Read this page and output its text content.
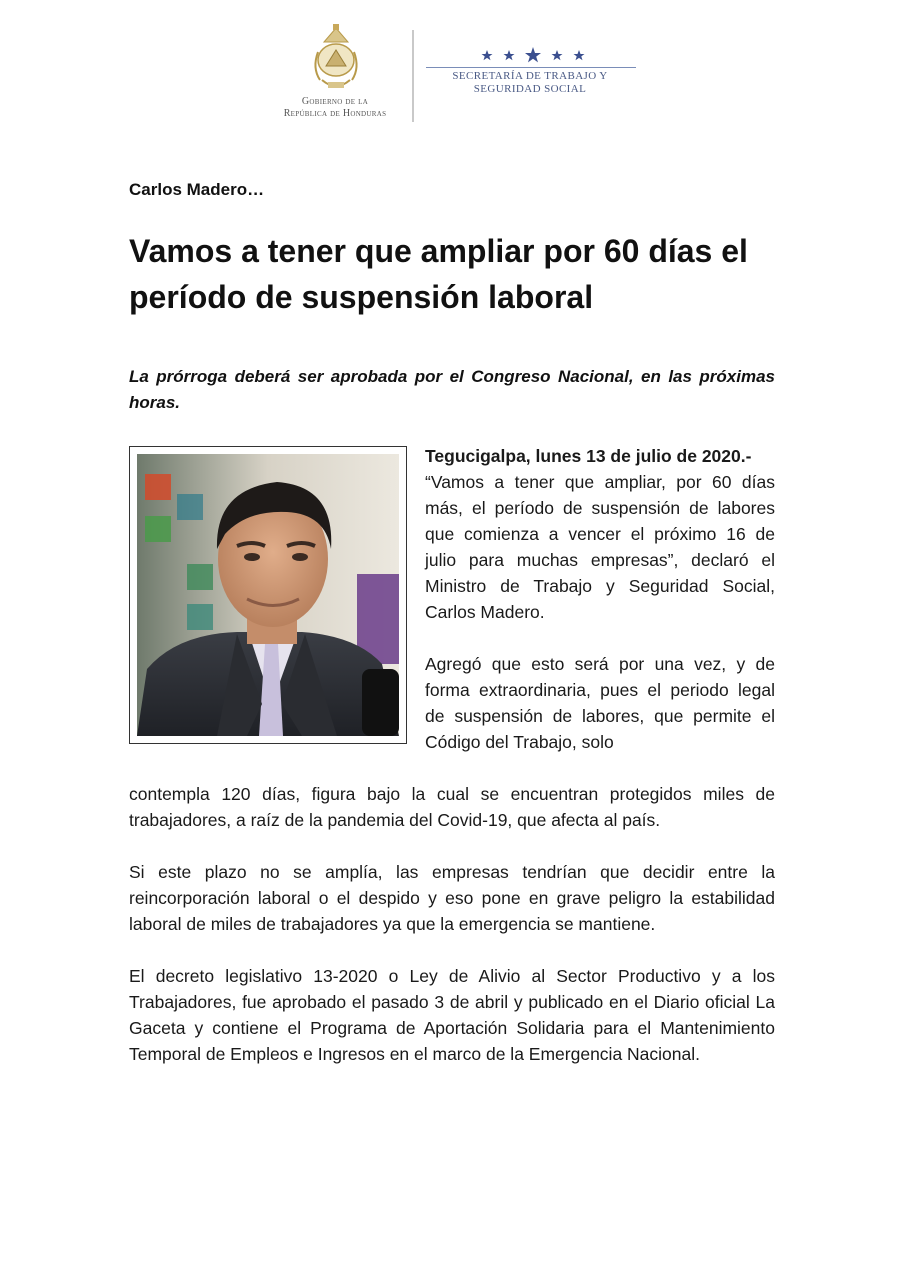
Gobierno de la
República de Honduras
SECRETARÍA DE TRABAJO Y
SEGURIDAD SOCIAL
Carlos Madero…
Vamos a tener que ampliar por 60 días el período de suspensión laboral

La prórroga deberá ser aprobada por el Congreso Nacional, en las próximas horas.

Tegucigalpa, lunes 13 de julio de 2020.-

“Vamos a tener que ampliar, por 60 días más, el período de suspensión de labores que comienza a vencer el próximo 16 de julio para muchas empresas”, declaró el Ministro de Trabajo y Seguridad Social, Carlos Madero.

Agregó que esto será por una vez, y de forma extraordinaria, pues el periodo legal de suspensión de labores, que permite el Código del Trabajo, solo

contempla 120 días, figura bajo la cual se encuentran protegidos miles de trabajadores, a raíz de la pandemia del Covid-19, que afecta al país.

Si este plazo no se amplía, las empresas tendrían que decidir entre la reincorporación laboral o el despido y eso pone en grave peligro la estabilidad laboral de miles de trabajadores ya que la emergencia se mantiene.

El decreto legislativo 13-2020 o Ley de Alivio al Sector Productivo y a los Trabajadores, fue aprobado el pasado 3 de abril y publicado en el Diario oficial La Gaceta y contiene el Programa de Aportación Solidaria para el Mantenimiento Temporal de Empleos e Ingresos en el marco de la Emergencia Nacional.
